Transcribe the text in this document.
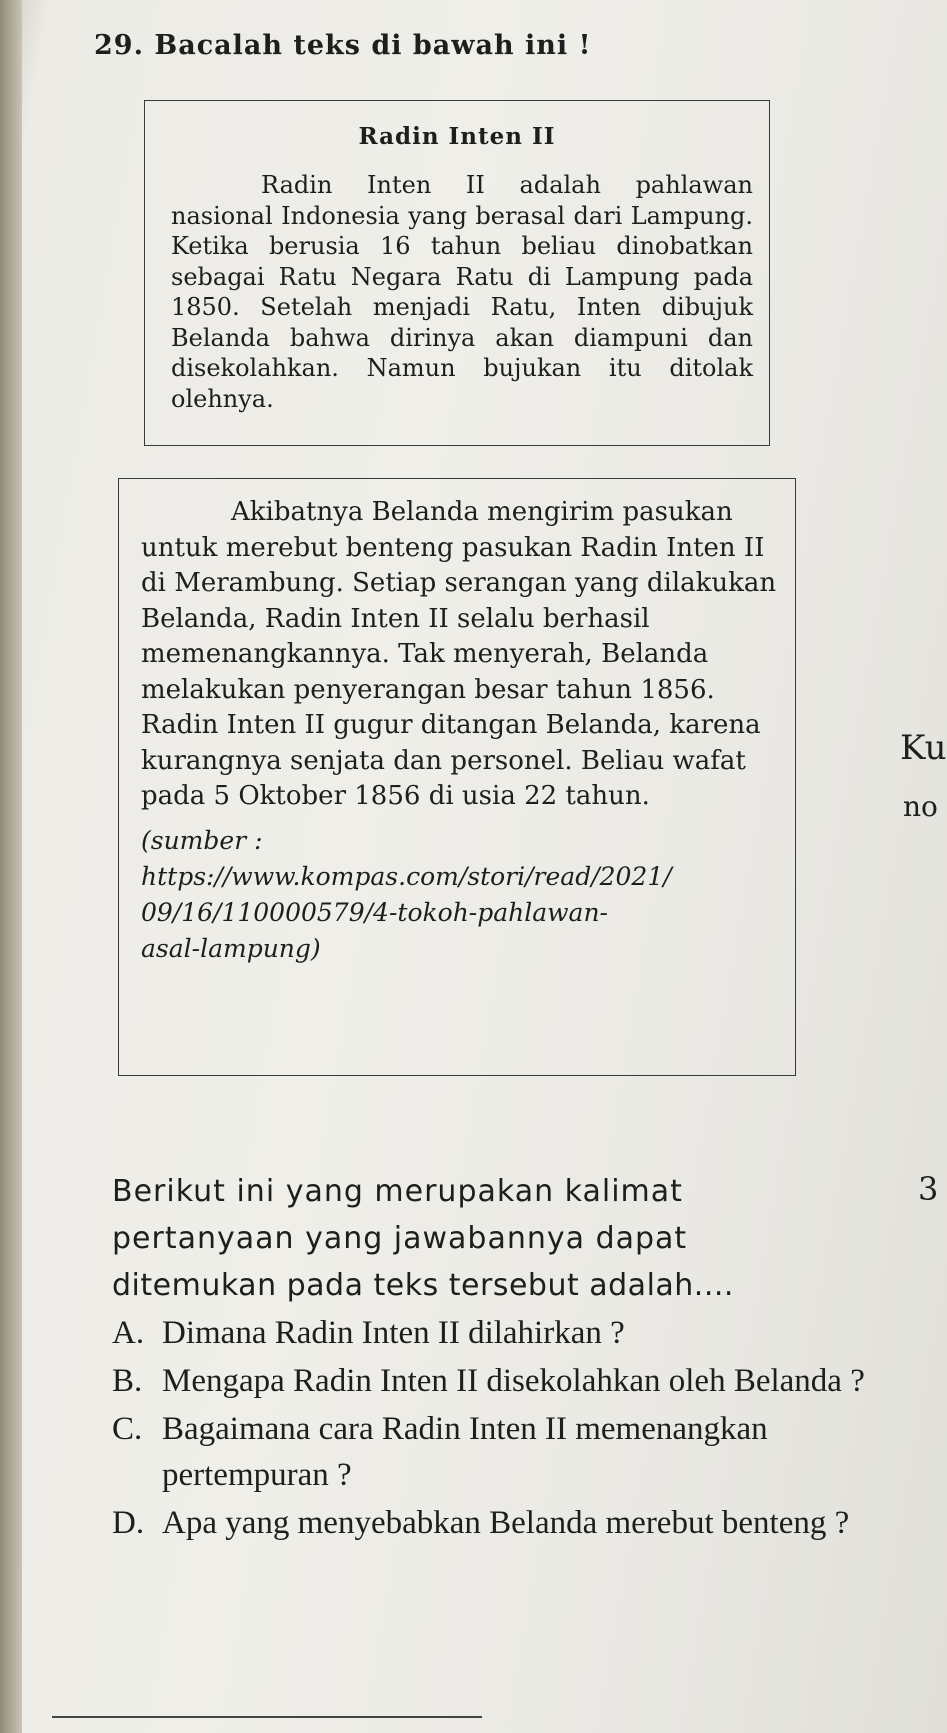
29. Bacalah teks di bawah ini !
Radin Inten II
Radin Inten II adalah pahlawan nasional Indonesia yang berasal dari Lampung. Ketika berusia 16 tahun beliau dinobatkan sebagai Ratu Negara Ratu di Lampung pada 1850. Setelah menjadi Ratu, Inten dibujuk Belanda bahwa dirinya akan diampuni dan disekolahkan. Namun bujukan itu ditolak olehnya.
Akibatnya Belanda mengirim pasukan untuk merebut benteng pasukan Radin Inten II di Merambung. Setiap serangan yang dilakukan Belanda, Radin Inten II selalu berhasil memenangkannya. Tak menyerah, Belanda melakukan penyerangan besar tahun 1856. Radin Inten II gugur ditangan Belanda, karena kurangnya senjata dan personel. Beliau wafat pada 5 Oktober 1856 di usia 22 tahun.
(sumber :
https://www.kompas.com/stori/read/2021/
09/16/110000579/4-tokoh-pahlawan-
asal-lampung)
Ku
no
3
Berikut ini yang merupakan kalimat
pertanyaan yang jawabannya dapat
ditemukan pada teks tersebut adalah....
A. Dimana Radin Inten II dilahirkan ?
B. Mengapa Radin Inten II disekolahkan oleh Belanda ?
C. Bagaimana cara Radin Inten II memenangkan pertempuran ?
D. Apa yang menyebabkan Belanda merebut benteng ?
